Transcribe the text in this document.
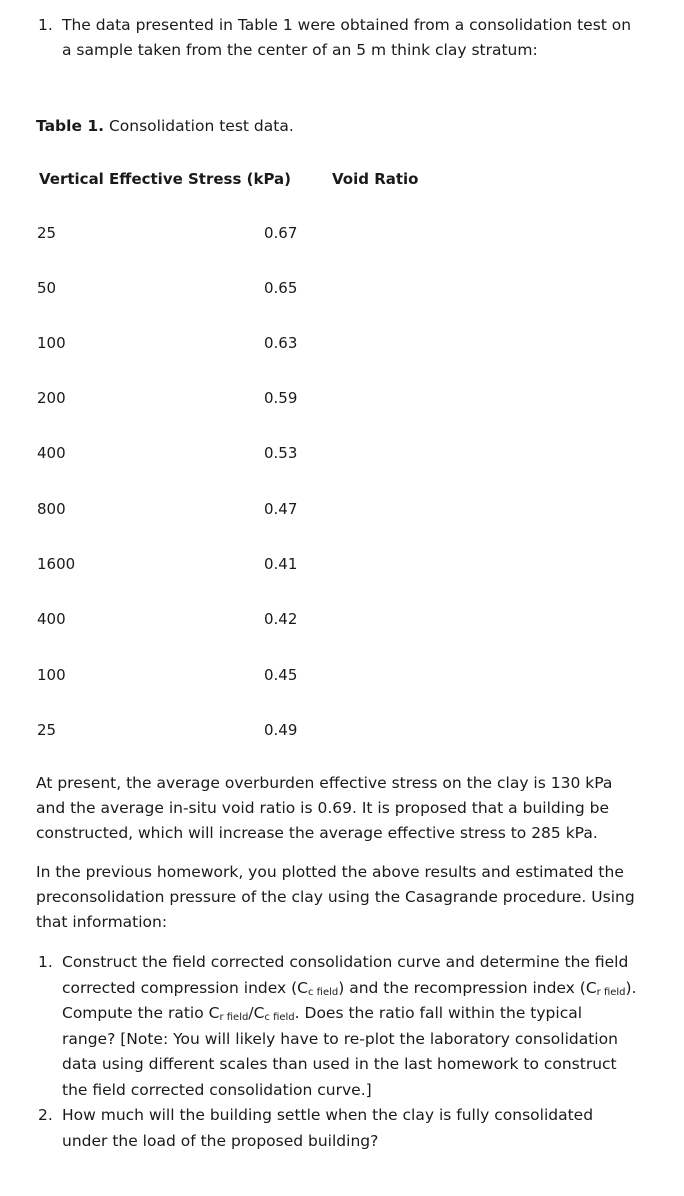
1. The data presented in Table 1 were obtained from a consolidation test on a sample taken from the center of an 5 m think clay stratum:
Table 1. Consolidation test data.
Vertical Effective Stress (kPa)	Void Ratio
25	0.67
50	0.65
100	0.63
200	0.59
400	0.53
800	0.47
1600	0.41
400	0.42
100	0.45
25	0.49
At present, the average overburden effective stress on the clay is 130 kPa and the average in-situ void ratio is 0.69. It is proposed that a building be constructed, which will increase the average effective stress to 285 kPa.
In the previous homework, you plotted the above results and estimated the preconsolidation pressure of the clay using the Casagrande procedure. Using that information:
1. Construct the field corrected consolidation curve and determine the field corrected compression index $(C_{c field})$ and the recompression index $(C_{r field})$. Compute the ratio $C_{r field}/C_{c field}$. Does the ratio fall within the typical range? [Note: You will likely have to re-plot the laboratory consolidation data using different scales than used in the last homework to construct the field corrected consolidation curve.]
2. How much will the building settle when the clay is fully consolidated under the load of the proposed building?
